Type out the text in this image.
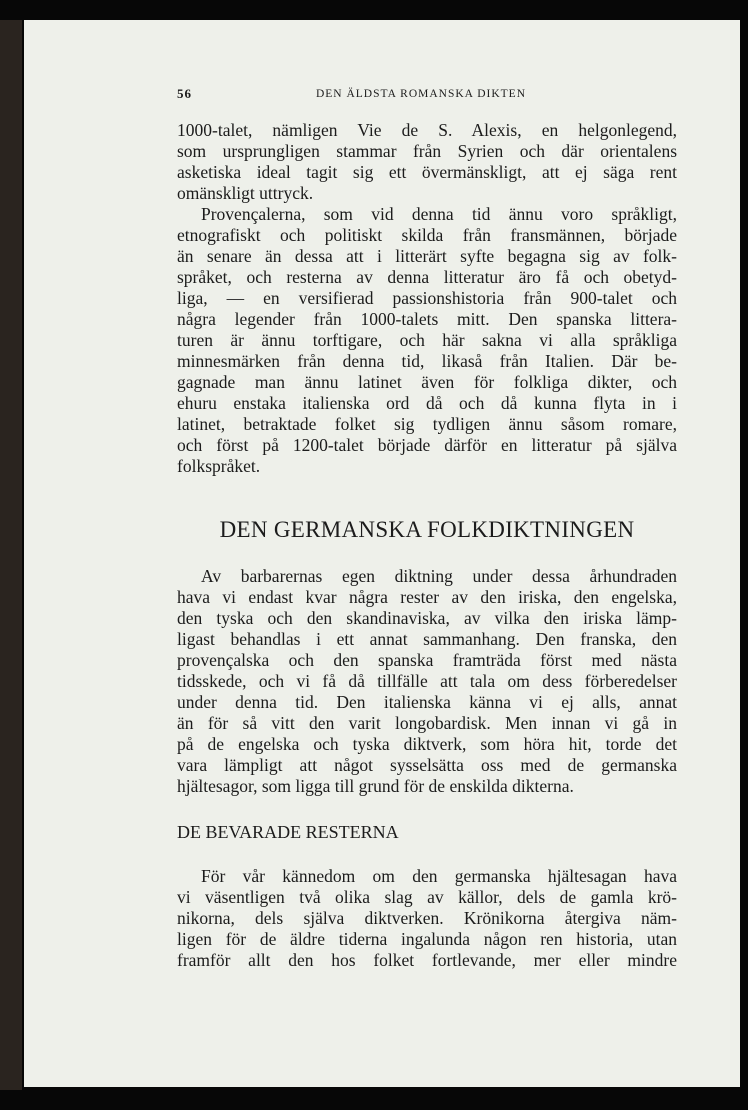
56	DEN ÄLDSTA ROMANSKA DIKTEN
1000-talet, nämligen Vie de S. Alexis, en helgonlegend,
som ursprungligen stammar från Syrien och där orientalens
asketiska ideal tagit sig ett övermänskligt, att ej säga rent
omänskligt uttryck.
Provençalerna, som vid denna tid ännu voro språkligt,
etnografiskt och politiskt skilda från fransmännen, började
än senare än dessa att i litterärt syfte begagna sig av folk-
språket, och resterna av denna litteratur äro få och obetyd-
liga, — en versifierad passionshistoria från 900-talet och
några legender från 1000-talets mitt. Den spanska littera-
turen är ännu torftigare, och här sakna vi alla språkliga
minnesmärken från denna tid, likaså från Italien. Där be-
gagnade man ännu latinet även för folkliga dikter, och
ehuru enstaka italienska ord då och då kunna flyta in i
latinet, betraktade folket sig tydligen ännu såsom romare,
och först på 1200-talet började därför en litteratur på själva
folkspråket.
DEN GERMANSKA FOLKDIKTNINGEN
Av barbarernas egen diktning under dessa århundraden
hava vi endast kvar några rester av den iriska, den engelska,
den tyska och den skandinaviska, av vilka den iriska lämp-
ligast behandlas i ett annat sammanhang. Den franska, den
provençalska och den spanska framträda först med nästa
tidsskede, och vi få då tillfälle att tala om dess förberedelser
under denna tid. Den italienska känna vi ej alls, annat
än för så vitt den varit longobardisk. Men innan vi gå in
på de engelska och tyska diktverk, som höra hit, torde det
vara lämpligt att något sysselsätta oss med de germanska
hjältesagor, som ligga till grund för de enskilda dikterna.
DE BEVARADE RESTERNA
För vår kännedom om den germanska hjältesagan hava
vi väsentligen två olika slag av källor, dels de gamla krö-
nikorna, dels själva diktverken. Krönikorna återgiva näm-
ligen för de äldre tiderna ingalunda någon ren historia, utan
framför allt den hos folket fortlevande, mer eller mindre
